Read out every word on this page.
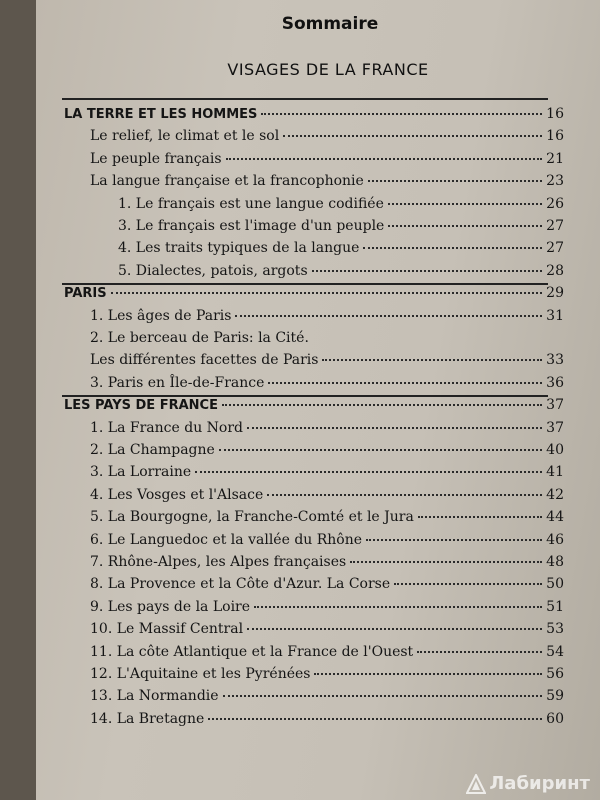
Sommaire
VISAGES DE LA FRANCE
LA TERRE ET LES HOMMES	16
Le relief, le climat et le sol	16
Le peuple français	21
La langue française et la francophonie	23
1. Le français est une langue codifiée	26
3. Le français est l'image d'un peuple	27
4. Les traits typiques de la langue	27
5. Dialectes, patois, argots	28
PARIS	29
1. Les âges de Paris	31
2. Le berceau de Paris: la Cité.
Les différentes facettes de Paris	33
3. Paris en Île-de-France	36
LES PAYS DE FRANCE	37
1. La France du Nord	37
2. La Champagne	40
3. La Lorraine	41
4. Les Vosges et l'Alsace	42
5. La Bourgogne, la Franche-Comté et le Jura	44
6. Le Languedoc et la vallée du Rhône	46
7. Rhône-Alpes, les Alpes françaises	48
8. La Provence et la Côte d'Azur. La Corse	50
9. Les pays de la Loire	51
10. Le Massif Central	53
11. La côte Atlantique et la France de l'Ouest	54
12. L'Aquitaine et les Pyrénées	56
13. La Normandie	59
14. La Bretagne	60
Лабиринт
